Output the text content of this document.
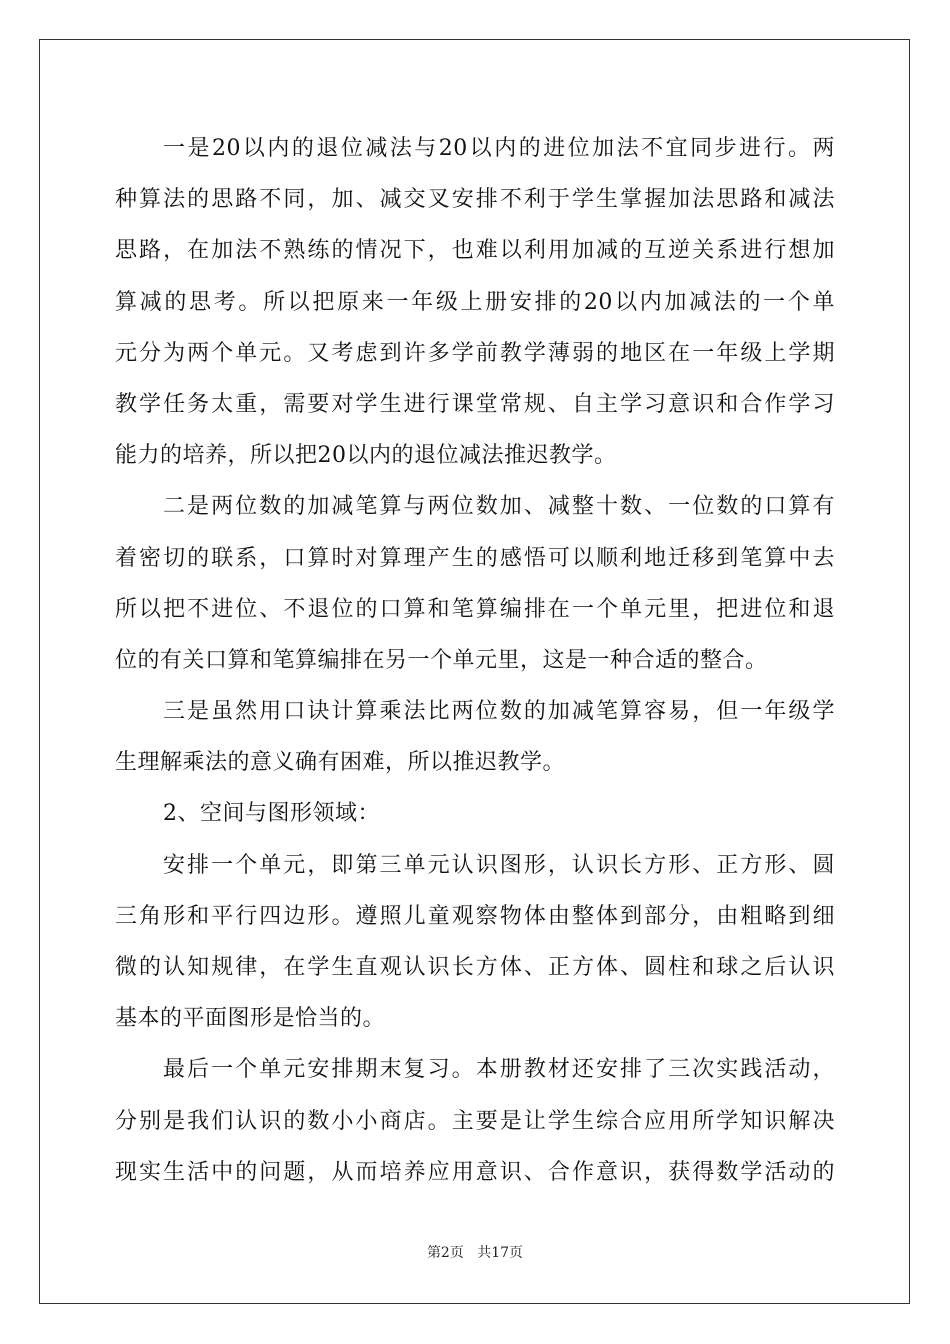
一是20以内的退位减法与20以内的进位加法不宜同步进行。两
种算法的思路不同，加、减交叉安排不利于学生掌握加法思路和减法
思路，在加法不熟练的情况下，也难以利用加减的互逆关系进行想加
算减的思考。所以把原来一年级上册安排的20以内加减法的一个单
元分为两个单元。又考虑到许多学前教学薄弱的地区在一年级上学期
教学任务太重，需要对学生进行课堂常规、自主学习意识和合作学习
能力的培养，所以把20以内的退位减法推迟教学。
二是两位数的加减笔算与两位数加、减整十数、一位数的口算有
着密切的联系，口算时对算理产生的感悟可以顺利地迁移到笔算中去
所以把不进位、不退位的口算和笔算编排在一个单元里，把进位和退
位的有关口算和笔算编排在另一个单元里，这是一种合适的整合。
三是虽然用口诀计算乘法比两位数的加减笔算容易，但一年级学
生理解乘法的意义确有困难，所以推迟教学。
2、空间与图形领域：
安排一个单元，即第三单元认识图形，认识长方形、正方形、圆
三角形和平行四边形。遵照儿童观察物体由整体到部分，由粗略到细
微的认知规律，在学生直观认识长方体、正方体、圆柱和球之后认识
基本的平面图形是恰当的。
最后一个单元安排期末复习。本册教材还安排了三次实践活动，
分别是我们认识的数小小商店。主要是让学生综合应用所学知识解决
现实生活中的问题，从而培养应用意识、合作意识，获得数学活动的
第2页 共17页
